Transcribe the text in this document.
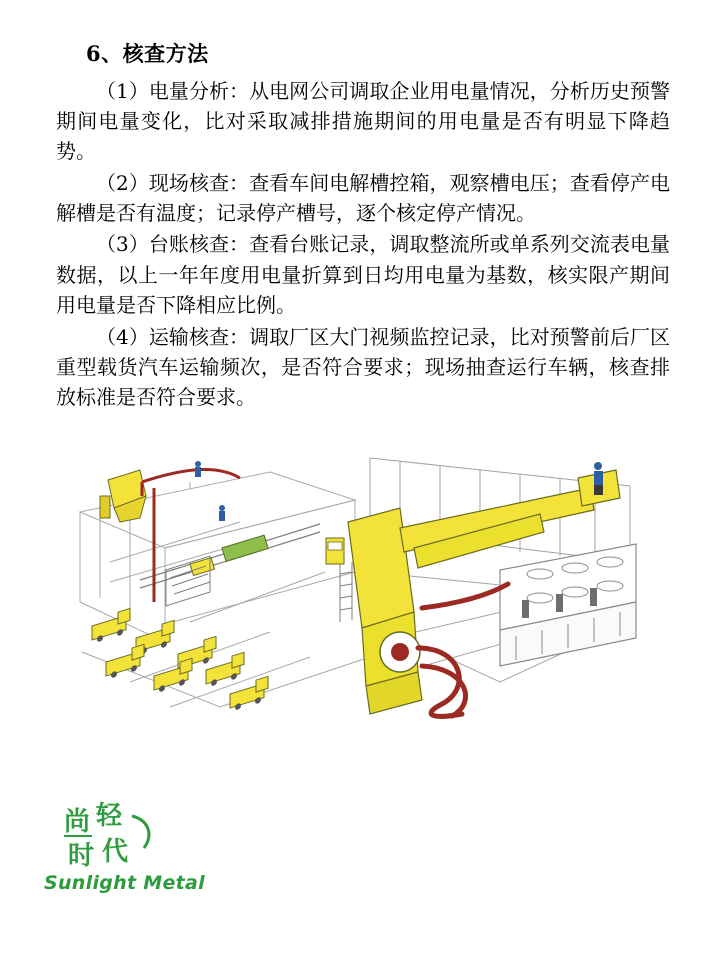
6、核查方法

（1）电量分析：从电网公司调取企业用电量情况，分析历史预警期间电量变化，比对采取减排措施期间的用电量是否有明显下降趋势。

（2）现场核查：查看车间电解槽控箱，观察槽电压；查看停产电解槽是否有温度；记录停产槽号，逐个核定停产情况。

（3）台账核查：查看台账记录，调取整流所或单系列交流表电量数据，以上一年年度用电量折算到日均用电量为基数，核实限产期间用电量是否下降相应比例。

（4）运输核查：调取厂区大门视频监控记录，比对预警前后厂区重型载货汽车运输频次，是否符合要求；现场抽查运行车辆，核查排放标准是否符合要求。

尚 轻
时 代
Sunlight Metal
